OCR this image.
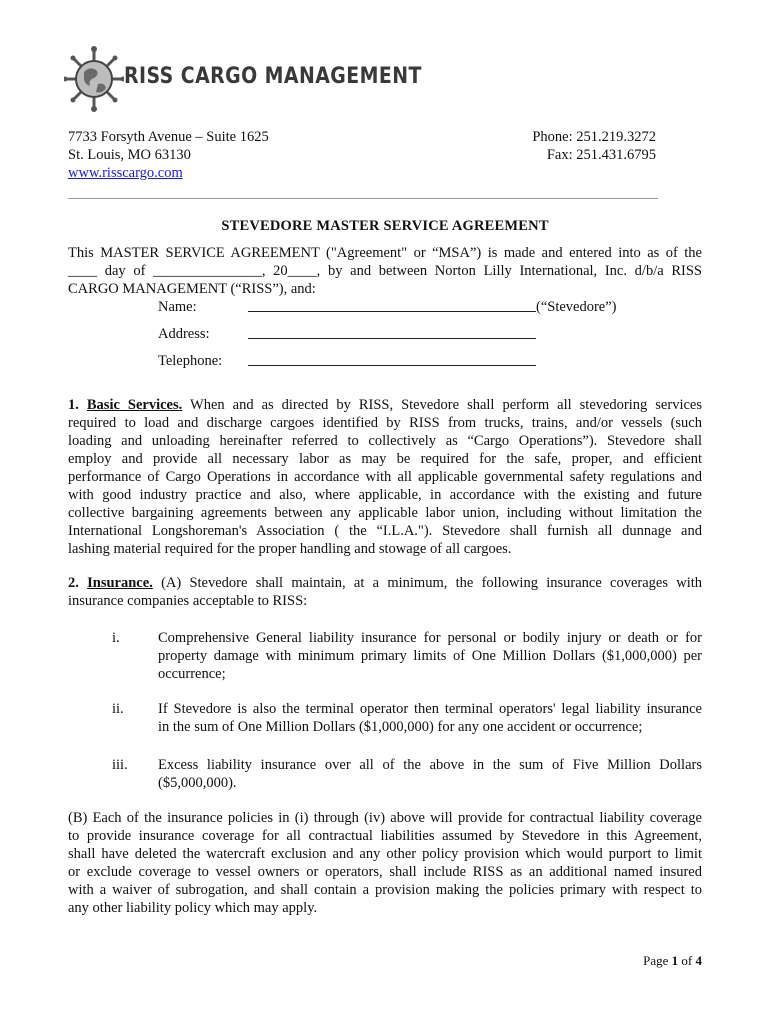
RISS CARGO MANAGEMENT
7733 Forsyth Avenue – Suite 1625
St. Louis, MO 63130
www.risscargo.com
Phone: 251.219.3272
Fax: 251.431.6795
STEVEDORE MASTER SERVICE AGREEMENT
This MASTER SERVICE AGREEMENT ("Agreement" or “MSA”) is made and entered into as of the
____ day of _______________, 20____, by and between Norton Lilly International, Inc. d/b/a RISS
CARGO MANAGEMENT (“RISS”), and:
Name:	(“Stevedore”)
Address:
Telephone:
1. Basic Services. When and as directed by RISS, Stevedore shall perform all stevedoring services
required to load and discharge cargoes identified by RISS from trucks, trains, and/or vessels (such
loading and unloading hereinafter referred to collectively as “Cargo Operations”). Stevedore shall
employ and provide all necessary labor as may be required for the safe, proper, and efficient
performance of Cargo Operations in accordance with all applicable governmental safety regulations and
with good industry practice and also, where applicable, in accordance with the existing and future
collective bargaining agreements between any applicable labor union, including without limitation the
International Longshoreman's Association ( the “I.L.A."). Stevedore shall furnish all dunnage and
lashing material required for the proper handling and stowage of all cargoes.
2. Insurance. (A) Stevedore shall maintain, at a minimum, the following insurance coverages with
insurance companies acceptable to RISS:
i.	Comprehensive General liability insurance for personal or bodily injury or death or for
property damage with minimum primary limits of One Million Dollars ($1,000,000) per
occurrence;
ii. If Stevedore is also the terminal operator then terminal operators' legal liability insurance
in the sum of One Million Dollars ($1,000,000) for any one accident or occurrence;
iii. Excess liability insurance over all of the above in the sum of Five Million Dollars
($5,000,000).
(B) Each of the insurance policies in (i) through (iv) above will provide for contractual liability coverage
to provide insurance coverage for all contractual liabilities assumed by Stevedore in this Agreement,
shall have deleted the watercraft exclusion and any other policy provision which would purport to limit
or exclude coverage to vessel owners or operators, shall include RISS as an additional named insured
with a waiver of subrogation, and shall contain a provision making the policies primary with respect to
any other liability policy which may apply.
Page 1 of 4
